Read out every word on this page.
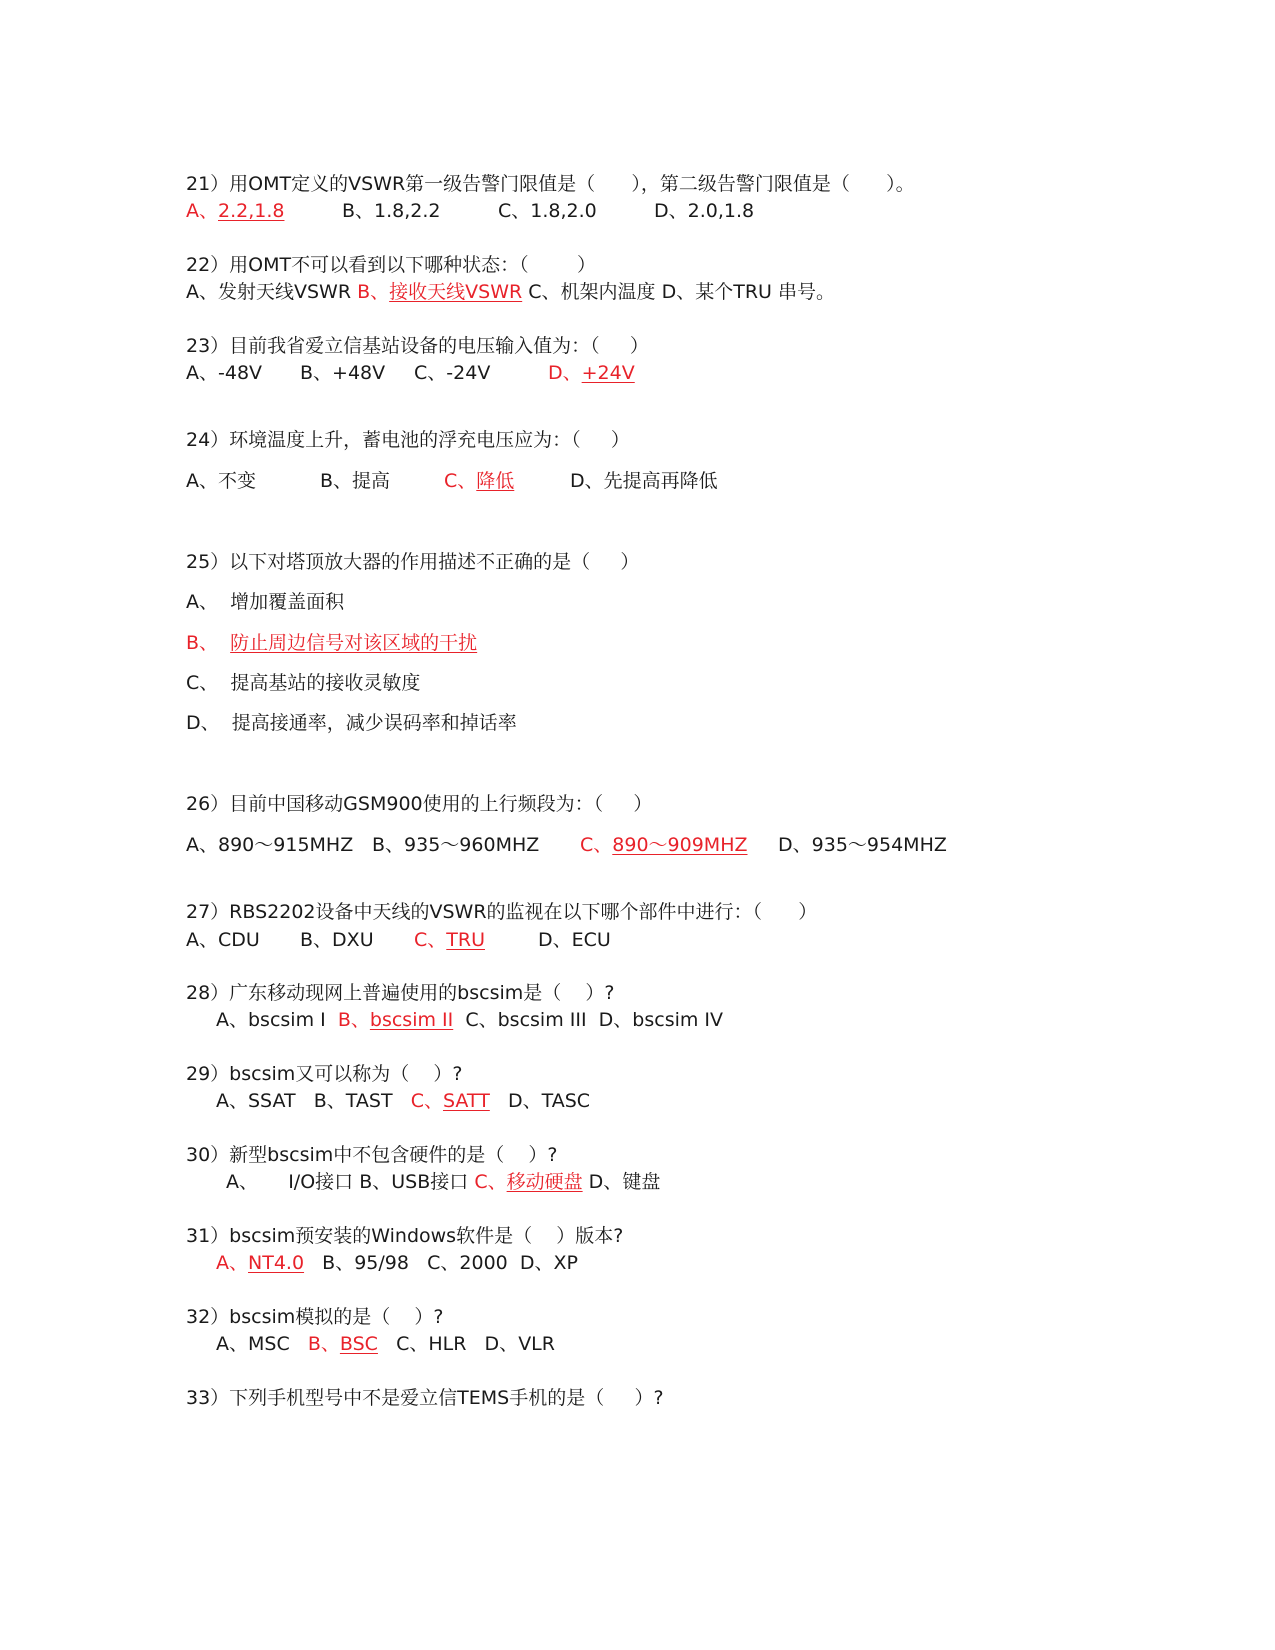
21）用OMT定义的VSWR第一级告警门限值是（      ），第二级告警门限值是（      ）。

A、2.2,1.8

	B、1.8,2.2

	C、1.8,2.0

	D、2.0,1.8

22）用OMT不可以看到以下哪种状态：（        ）
A、发射天线VSWR B、接收天线VSWR C、机架内温度 D、某个TRU 串号。
23）目前我省爱立信基站设备的电压输入值为：（     ）

A、-48V

B、+48V

C、-24V

	D、+24V

24）环境温度上升，蓄电池的浮充电压应为：（     ）

A、不变

	B、提高

	C、降低

	D、先提高再降低

25）以下对塔顶放大器的作用描述不正确的是（     ）
A、 增加覆盖面积
B、 防止周边信号对该区域的干扰
C、 提高基站的接收灵敏度
D、 提高接通率，减少误码率和掉话率
26）目前中国移动GSM900使用的上行频段为：（     ）

A、890～915MHZ

B、935～960MHZ

C、890～909MHZ

D、935～954MHZ

27）RBS2202设备中天线的VSWR的监视在以下哪个部件中进行：（      ）

A、CDU

B、DXU

C、TRU

	D、ECU

28）广东移动现网上普遍使用的bscsim是（    ）?
A、bscsim I B、bscsim II C、bscsim III D、bscsim IV
29）bscsim又可以称为（    ）?
A、SSAT B、TAST C、SATT D、TASC
30）新型bscsim中不包含硬件的是（    ）?
A、 I/O接口 B、USB接口 C、移动硬盘 D、键盘
31）bscsim预安装的Windows软件是（    ）版本?
A、NT4.0 B、95/98 C、2000 D、XP
32）bscsim模拟的是（    ）?
A、MSC B、BSC C、HLR D、VLR
33）下列手机型号中不是爱立信TEMS手机的是（     ）?
